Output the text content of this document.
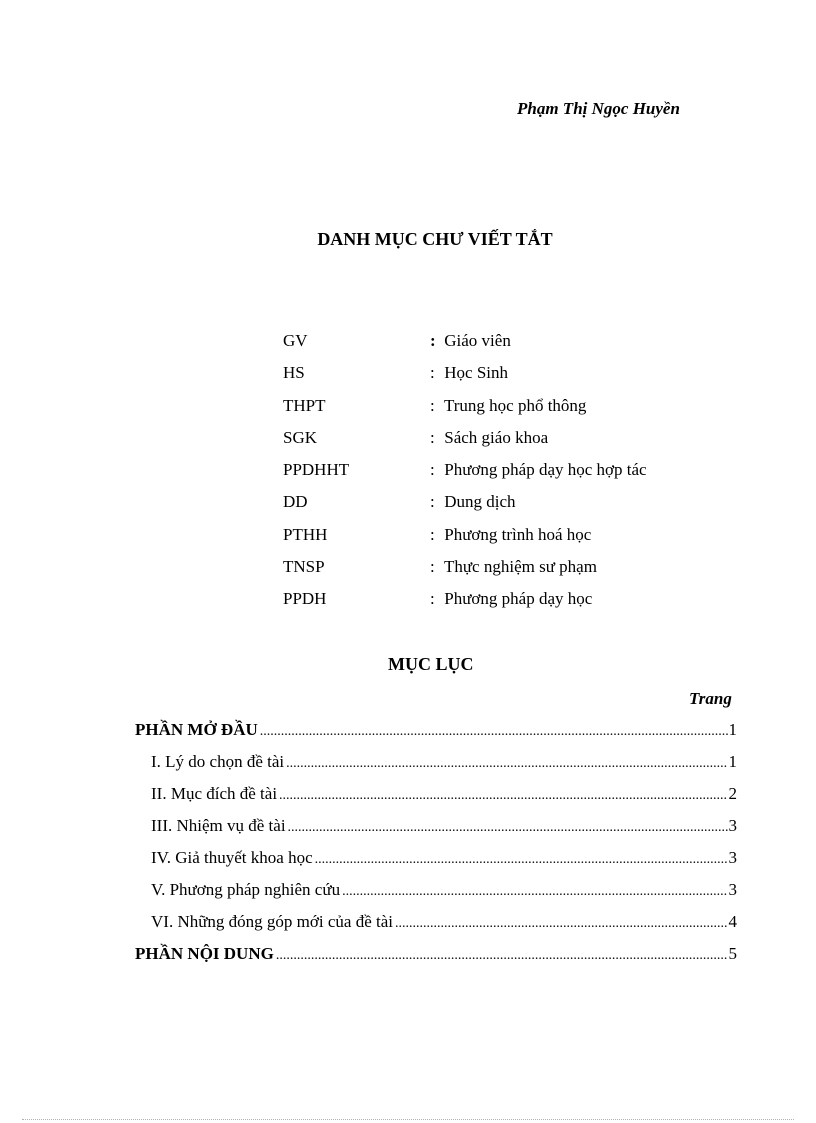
Phạm Thị Ngọc Huyền
DANH MỤC CHƯ VIẾT TẮT
GV	: Giáo viên
HS	: Học Sinh
THPT	: Trung học phổ thông
SGK	: Sách giáo khoa
PPDHHT	: Phương pháp dạy học hợp tác
DD	: Dung dịch
PTHH	: Phương trình hoá học
TNSP	: Thực nghiệm sư phạm
PPDH	: Phương pháp dạy học
MỤC LỤC
Trang
PHẦN MỞ ĐẦU .....	1
I. Lý do chọn đề tài .....	1
II. Mục đích đề tài .....	2
III. Nhiệm vụ đề tài .....	3
IV. Giả thuyết khoa học .....	3
V. Phương pháp nghiên cứu .....	3
VI. Những đóng góp mới của đề tài .....	4
PHẦN NỘI DUNG .....	5
